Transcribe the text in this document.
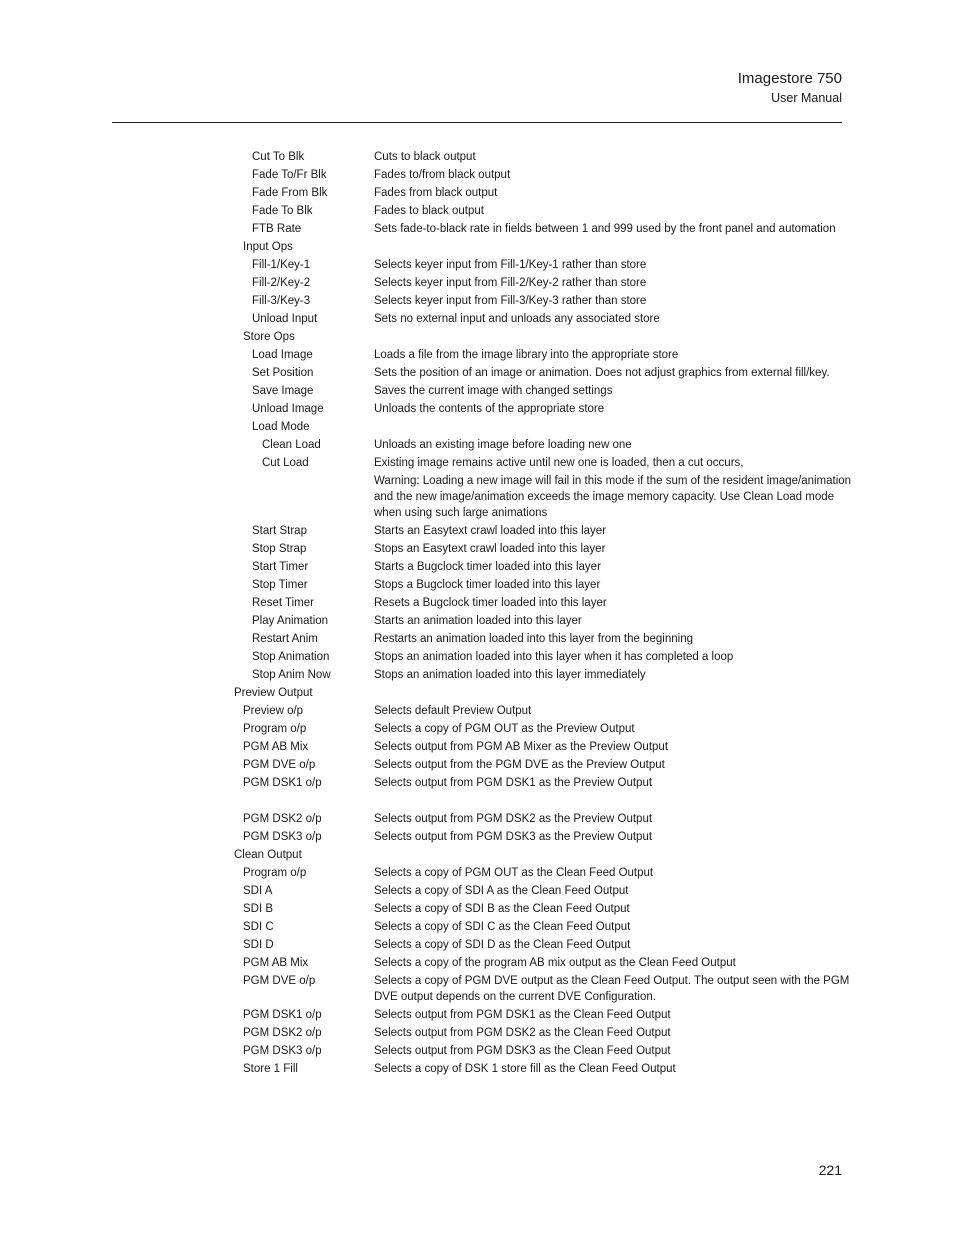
Imagestore 750
User Manual
Cut To Blk	Cuts to black output
Fade To/Fr Blk	Fades to/from black output
Fade From Blk	Fades from black output
Fade To Blk	Fades to black output
FTB Rate	Sets fade-to-black rate in fields between 1 and 999 used by the front panel and automation
Input Ops
Fill-1/Key-1	Selects keyer input from Fill-1/Key-1 rather than store
Fill-2/Key-2	Selects keyer input from Fill-2/Key-2 rather than store
Fill-3/Key-3	Selects keyer input from Fill-3/Key-3 rather than store
Unload Input	Sets no external input and unloads any associated store
Store Ops
Load Image	Loads a file from the image library into the appropriate store
Set Position	Sets the position of an image or animation. Does not adjust graphics from external fill/key.
Save Image	Saves the current image with changed settings
Unload Image	Unloads the contents of the appropriate store
Load Mode
Clean Load	Unloads an existing image before loading new one
Cut Load	Existing image remains active until new one is loaded, then a cut occurs,
Warning: Loading a new image will fail in this mode if the sum of the resident image/animation and the new image/animation exceeds the image memory capacity. Use Clean Load mode when using such large animations
Start Strap	Starts an Easytext crawl loaded into this layer
Stop Strap	Stops an Easytext crawl loaded into this layer
Start Timer	Starts a Bugclock timer loaded into this layer
Stop Timer	Stops a Bugclock timer loaded into this layer
Reset Timer	Resets a Bugclock timer loaded into this layer
Play Animation	Starts an animation loaded into this layer
Restart Anim	Restarts an animation loaded into this layer from the beginning
Stop Animation	Stops an animation loaded into this layer when it has completed a loop
Stop Anim Now	Stops an animation loaded into this layer immediately
Preview Output
Preview o/p	Selects default Preview Output
Program o/p	Selects a copy of PGM OUT as the Preview Output
PGM AB Mix	Selects output from PGM AB Mixer as the Preview Output
PGM DVE o/p	Selects output from the PGM DVE as the Preview Output
PGM DSK1 o/p	Selects output from PGM DSK1 as the Preview Output
PGM DSK2 o/p	Selects output from PGM DSK2 as the Preview Output
PGM DSK3 o/p	Selects output from PGM DSK3 as the Preview Output
Clean Output
Program o/p	Selects a copy of PGM OUT as the Clean Feed Output
SDI A	Selects a copy of SDI A as the Clean Feed Output
SDI B	Selects a copy of SDI B as the Clean Feed Output
SDI C	Selects a copy of SDI C as the Clean Feed Output
SDI D	Selects a copy of SDI D as the Clean Feed Output
PGM AB Mix	Selects a copy of the program AB mix output as the Clean Feed Output
PGM DVE o/p	Selects a copy of PGM DVE output as the Clean Feed Output. The output seen with the PGM DVE output depends on the current DVE Configuration.
PGM DSK1 o/p	Selects output from PGM DSK1 as the Clean Feed Output
PGM DSK2 o/p	Selects output from PGM DSK2 as the Clean Feed Output
PGM DSK3 o/p	Selects output from PGM DSK3 as the Clean Feed Output
Store 1 Fill	Selects a copy of DSK 1 store fill as the Clean Feed Output
221
